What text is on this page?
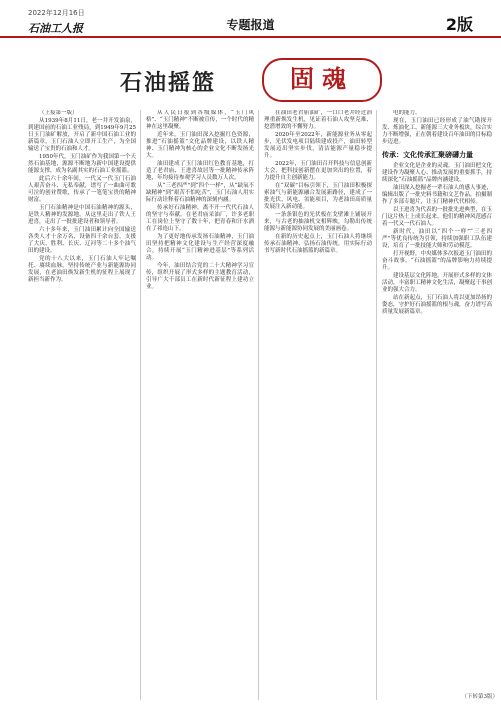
2022年12月16日
石油工人报	专题报道	2版
石油摇篮	固魂

（上接第一版）

从1939年8月11日，老一井开发油泉，到建国前的石油工业残局，到1949年9月25日玉门油矿解放，开启了新中国石油工业的新篇章，玉门石油人立即开工生产，为全国输送了宝贵的石油和人才。

1950年代，玉门油矿作为我国第一个天然石油基地，源源不断地为新中国建设提供能源支撑，成为名副其实的石油工业摇篮。

此后六十余年间，一代又一代玉门石油人艰苦奋斗、无私奉献，谱写了一曲曲可歌可泣的创业赞歌，传承了一笔笔宝贵的精神财富。

玉门石油精神是中国石油精神的源头，是铁人精神的发源地。从这里走出了铁人王进喜，走出了一批批建设者和领导者。

六十多年来，玉门油田累计向全国输送各类人才十余万名、设备四千余台套，支援了大庆、胜利、长庆、辽河等二十多个油气田的建设。

党的十八大以来，玉门石油人牢记嘱托、赓续血脉，坚持传统产业与新能源协同发展，在老油田焕发新生机的征程上展现了新担当新作为。

从人民日报到各级媒体，“玉门风格”、“玉门精神”不断被宣传，一个时代的精神在这里凝聚。

近年来，玉门油田深入挖掘红色资源，推进“石油摇篮”文化品牌建设，以铁人精神、玉门精神为核心的企业文化不断发扬光大。

油田建成了玉门油田红色教育基地，打造了老君庙、王进喜故居等一批精神传承阵地，年均接待参观学习人员数万人次。

从“三老四严”到“四个一样”，从“缺氧不缺精神”到“艰苦不怕吃苦”，玉门石油人用实际行动诠释着石油精神的深刻内涵。

传承好石油精神，离不开一代代石油人的坚守与奉献。在老君庙采油厂，许多老职工在岗位上坚守了数十年，把青春和汗水洒在了祁连山下。

为了更好地传承发扬石油精神，玉门油田坚持把精神文化建设与生产经营深度融合，持续开展“玉门精神进基层”等系列活动。

今年，油田结合党的二十大精神学习宣传，组织开展了形式多样的主题教育活动，引导广大干部员工在新时代新征程上建功立业。

在油田老君庙油矿，一口口老井经过治理重新焕发生机，见证着石油人攻坚克难、挖潜增效的不懈努力。

2020年至2022年，新能源业务从零起步，光伏发电项目陆续建成投产，油田转型发展迈出坚实步伐，清洁能源产量稳步提升。

2022年，玉门油田召开科技与信息创新大会，把科技创新摆在更加突出的位置，着力提升自主创新能力。

在“双碳”目标引领下，玉门油田积极探索油气与新能源融合发展新路径，建成了一批光伏、风电、氢能项目，为老油田高质量发展注入新动能。

一条条银色的光伏板在戈壁滩上铺展开来，与古老的抽油机交相辉映，勾勒出传统能源与新能源协同发展的美丽画卷。

在新的历史起点上，玉门石油人将继续传承石油精神、弘扬石油传统，用实际行动书写新时代石油摇篮的新篇章。

电的能力。

现在，玉门油田已经形成了油气勘探开发、炼油化工、新能源三大业务板块，综合实力不断增强，正在朝着建设百年油田的目标稳步迈进。

传承：文化传承汇聚磅礴力量

企业文化是企业的灵魂。玉门油田把文化建设作为凝聚人心、推动发展的重要抓手，持续深化“石油摇篮”品牌内涵建设。

油田深入挖掘老一辈石油人的感人事迹，编辑出版了一批史料书籍和文艺作品，拍摄制作了多部专题片，让玉门精神代代相传。

以王进喜为代表的一批批先进典型，在玉门这片热土上成长起来，他们的精神风范感召着一代又一代石油人。

新时代，油田以“四个一样”“三老四严”等优良传统为引领，持续加强职工队伍建设，培育了一批技能大师和劳动模范。

打开视野，中央媒体多次报道玉门油田的奋斗故事，“石油摇篮”的品牌影响力持续提升。

建设基层文化阵地，开展形式多样的文体活动，丰富职工精神文化生活，凝聚起干事创业的强大合力。

站在新起点，玉门石油人将以更加昂扬的姿态，守护好石油摇篮的根与魂，奋力谱写高质量发展新篇章。

（下转第3版）
